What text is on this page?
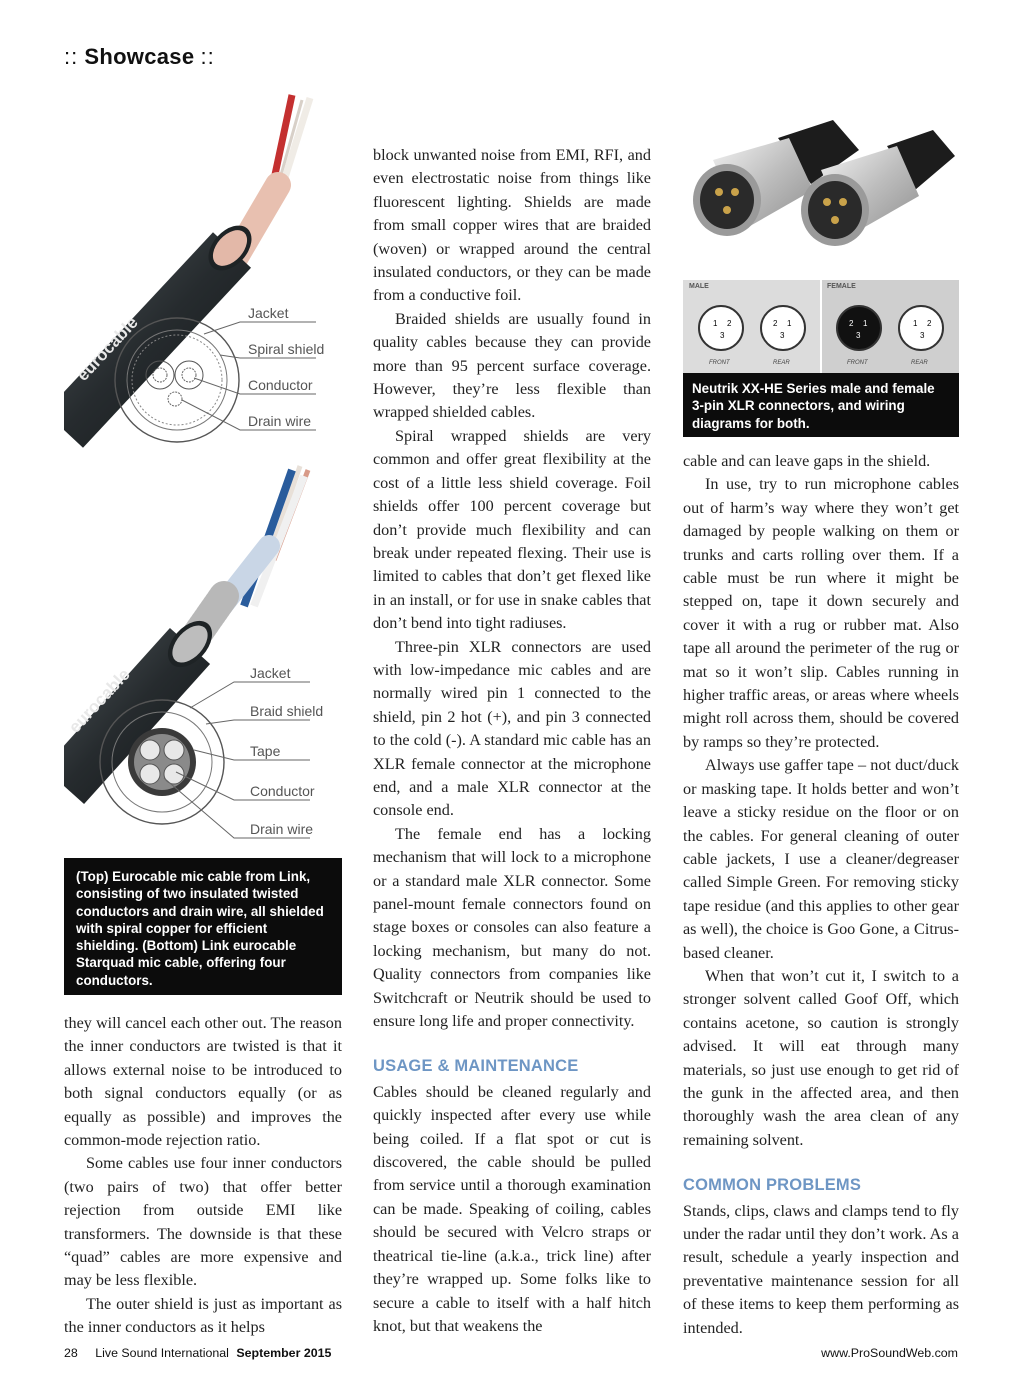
:: Showcase ::
eurocable
Jacket
Spiral shield
Conductor
Drain wire
eurocable	Jacket
Braid shield
Tape
Conductor
Drain wire
(Top) Eurocable mic cable from Link, consisting of two insulated twisted conductors and drain wire, all shielded with spiral copper for efficient shielding. (Bottom) Link eurocable Starquad mic cable, offering four conductors.
MALE	FEMALE
1 2
3
2 1
3
2 1
3
1 2
3
FRONT	REAR	FRONT	REAR
Neutrik XX-HE Series male and female 3-pin XLR connectors, and wiring diagrams for both.

they will cancel each other out. The reason the inner conductors are twisted is that it allows external noise to be introduced to both signal conductors equally (or as equally as possible) and improves the common-mode rejection ratio.

Some cables use four inner conductors (two pairs of two) that offer better rejection from outside EMI like transformers. The downside is that these “quad” cables are more expensive and may be less flexible.

The outer shield is just as important as the inner conductors as it helps

block unwanted noise from EMI, RFI, and even electrostatic noise from things like fluorescent lighting. Shields are made from small copper wires that are braided (woven) or wrapped around the central insulated conductors, or they can be made from a conductive foil.

Braided shields are usually found in quality cables because they can provide more than 95 percent surface coverage. However, they’re less flexible than wrapped shielded cables.

Spiral wrapped shields are very common and offer great flexibility at the cost of a little less shield coverage. Foil shields offer 100 percent coverage but don’t provide much flexibility and can break under repeated flexing. Their use is limited to cables that don’t get flexed like in an install, or for use in snake cables that don’t bend into tight radiuses.

Three-pin XLR connectors are used with low-impedance mic cables and are normally wired pin 1 connected to the shield, pin 2 hot (+), and pin 3 connected to the cold (-). A standard mic cable has an XLR female connector at the microphone end, and a male XLR connector at the console end.

The female end has a locking mechanism that will lock to a microphone or a standard male XLR connector. Some panel-mount female connectors found on stage boxes or consoles can also feature a locking mechanism, but many do not. Quality connectors from companies like Switchcraft or Neutrik should be used to ensure long life and proper connectivity.

USAGE & MAINTENANCE

Cables should be cleaned regularly and quickly inspected after every use while being coiled. If a flat spot or cut is discovered, the cable should be pulled from service until a thorough examination can be made. Speaking of coiling, cables should be secured with Velcro straps or theatrical tie-line (a.k.a., trick line) after they’re wrapped up. Some folks like to secure a cable to itself with a half hitch knot, but that weakens the

cable and can leave gaps in the shield.

In use, try to run microphone cables out of harm’s way where they won’t get damaged by people walking on them or trunks and carts rolling over them. If a cable must be run where it might be stepped on, tape it down securely and cover it with a rug or rubber mat. Also tape all around the perimeter of the rug or mat so it won’t slip. Cables running in higher traffic areas, or areas where wheels might roll across them, should be covered by ramps so they’re protected.

Always use gaffer tape – not duct/duck or masking tape. It holds better and won’t leave a sticky residue on the floor or on the cables. For general cleaning of outer cable jackets, I use a cleaner/degreaser called Simple Green. For removing sticky tape residue (and this applies to other gear as well), the choice is Goo Gone, a Citrus-based cleaner.

When that won’t cut it, I switch to a stronger solvent called Goof Off, which contains acetone, so caution is strongly advised. It will eat through many materials, so just use enough to get rid of the gunk in the affected area, and then thoroughly wash the area clean of any remaining solvent.

COMMON PROBLEMS

Stands, clips, claws and clamps tend to fly under the radar until they don’t work. As a result, schedule a yearly inspection and preventative maintenance session for all of these items to keep them performing as intended.

28 Live Sound International September 2015	www.ProSoundWeb.com
